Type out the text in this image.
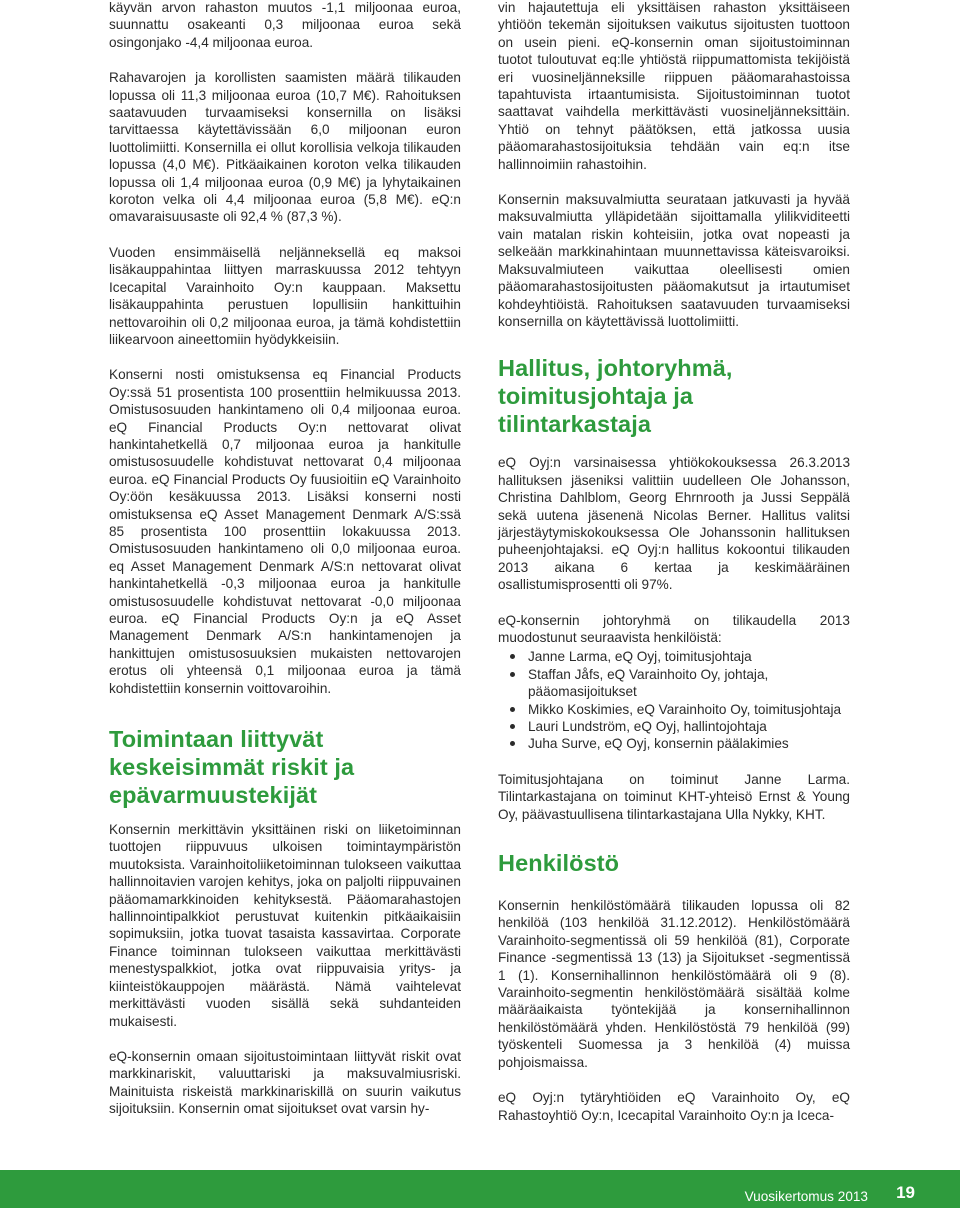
käyvän arvon rahaston muutos -1,1 miljoonaa euroa, suunnattu osakeanti 0,3 miljoonaa euroa sekä osingonjako -4,4 miljoonaa euroa.

Rahavarojen ja korollisten saamisten määrä tilikauden lopussa oli 11,3 miljoonaa euroa (10,7 M€). Rahoituksen saatavuuden turvaamiseksi konsernilla on lisäksi tarvittaessa käytettävissään 6,0 miljoonan euron luottolimiitti. Konsernilla ei ollut korollisia velkoja tilikauden lopussa (4,0 M€). Pitkäaikainen koroton velka tilikauden lopussa oli 1,4 miljoonaa euroa (0,9 M€) ja lyhytaikainen koroton velka oli 4,4 miljoonaa euroa (5,8 M€). eQ:n omavaraisuusaste oli 92,4 % (87,3 %).

Vuoden ensimmäisellä neljänneksellä eq maksoi lisäkauppahintaa liittyen marraskuussa 2012 tehtyyn Icecapital Varainhoito Oy:n kauppaan. Maksettu lisäkauppahinta perustuen lopullisiin hankittuihin nettovaroihin oli 0,2 miljoonaa euroa, ja tämä kohdistettiin liikearvoon aineettomiin hyödykkeisiin.

Konserni nosti omistuksensa eq Financial Products Oy:ssä 51 prosentista 100 prosenttiin helmikuussa 2013. Omistusosuuden hankintameno oli 0,4 miljoonaa euroa. eQ Financial Products Oy:n nettovarat olivat hankintahetkellä 0,7 miljoonaa euroa ja hankitulle omistusosuudelle kohdistuvat nettovarat 0,4 miljoonaa euroa. eQ Financial Products Oy fuusioitiin eQ Varainhoito Oy:öön kesäkuussa 2013. Lisäksi konserni nosti omistuksensa eQ Asset Management Denmark A/S:ssä 85 prosentista 100 prosenttiin lokakuussa 2013. Omistusosuuden hankintameno oli 0,0 miljoonaa euroa. eq Asset Management Denmark A/S:n nettovarat olivat hankintahetkellä -0,3 miljoonaa euroa ja hankitulle omistusosuudelle kohdistuvat nettovarat -0,0 miljoonaa euroa. eQ Financial Products Oy:n ja eQ Asset Management Denmark A/S:n hankintamenojen ja hankittujen omistusosuuksien mukaisten nettovarojen erotus oli yhteensä 0,1 miljoonaa euroa ja tämä kohdistettiin konsernin voittovaroihin.

Toimintaan liittyvät keskeisimmät riskit ja epävarmuustekijät

Konsernin merkittävin yksittäinen riski on liiketoiminnan tuottojen riippuvuus ulkoisen toimintaympäristön muutoksista. Varainhoitoliiketoiminnan tulokseen vaikuttaa hallinnoitavien varojen kehitys, joka on paljolti riippuvainen pääomamarkkinoiden kehityksestä. Pääomarahastojen hallinnointipalkkiot perustuvat kuitenkin pitkäaikaisiin sopimuksiin, jotka tuovat tasaista kassavirtaa. Corporate Finance toiminnan tulokseen vaikuttaa merkittävästi menestyspalkkiot, jotka ovat riippuvaisia yritys- ja kiinteistökauppojen määrästä. Nämä vaihtelevat merkittävästi vuoden sisällä sekä suhdanteiden mukaisesti.

eQ-konsernin omaan sijoitustoimintaan liittyvät riskit ovat markkinariskit, valuuttariski ja maksuvalmiusriski. Mainituista riskeistä markkinariskillä on suurin vaikutus sijoituksiin. Konsernin omat sijoitukset ovat varsin hy-

vin hajautettuja eli yksittäisen rahaston yksittäiseen yhtiöön tekemän sijoituksen vaikutus sijoitusten tuottoon on usein pieni. eQ-konsernin oman sijoitustoiminnan tuotot tuloutuvat eq:lle yhtiöstä riippumattomista tekijöistä eri vuosineljänneksille riippuen pääomarahastoissa tapahtuvista irtaantumisista. Sijoitustoiminnan tuotot saattavat vaihdella merkittävästi vuosineljänneksittäin. Yhtiö on tehnyt päätöksen, että jatkossa uusia pääomarahastosijoituksia tehdään vain eq:n itse hallinnoimiin rahastoihin.

Konsernin maksuvalmiutta seurataan jatkuvasti ja hyvää maksuvalmiutta ylläpidetään sijoittamalla ylilikviditeetti vain matalan riskin kohteisiin, jotka ovat nopeasti ja selkeään markkinahintaan muunnettavissa käteisvaroiksi. Maksuvalmiuteen vaikuttaa oleellisesti omien pääomarahastosijoitusten pääomakutsut ja irtautumiset kohdeyhtiöistä. Rahoituksen saatavuuden turvaamiseksi konsernilla on käytettävissä luottolimiitti.

Hallitus, johtoryhmä, toimitusjohtaja ja tilintarkastaja

eQ Oyj:n varsinaisessa yhtiökokouksessa 26.3.2013 hallituksen jäseniksi valittiin uudelleen Ole Johansson, Christina Dahlblom, Georg Ehrnrooth ja Jussi Seppälä sekä uutena jäsenenä Nicolas Berner. Hallitus valitsi järjestäytymiskokouksessa Ole Johanssonin hallituksen puheenjohtajaksi. eQ Oyj:n hallitus kokoontui tilikauden 2013 aikana 6 kertaa ja keskimääräinen osallistumisprosentti oli 97%.

eQ-konsernin johtoryhmä on tilikaudella 2013 muodostunut seuraavista henkilöistä:

Janne Larma, eQ Oyj, toimitusjohtaja
Staffan Jåfs, eQ Varainhoito Oy, johtaja, pääomasijoitukset
Mikko Koskimies, eQ Varainhoito Oy, toimitusjohtaja
Lauri Lundström, eQ Oyj, hallintojohtaja
Juha Surve, eQ Oyj, konsernin päälakimies

Toimitusjohtajana on toiminut Janne Larma. Tilintarkastajana on toiminut KHT-yhteisö Ernst & Young Oy, päävastuullisena tilintarkastajana Ulla Nykky, KHT.

Henkilöstö

Konsernin henkilöstömäärä tilikauden lopussa oli 82 henkilöä (103 henkilöä 31.12.2012). Henkilöstömäärä Varainhoito-segmentissä oli 59 henkilöä (81), Corporate Finance -segmentissä 13 (13) ja Sijoitukset -segmentissä 1 (1). Konsernihallinnon henkilöstömäärä oli 9 (8). Varainhoito-segmentin henkilöstömäärä sisältää kolme määräaikaista työntekijää ja konsernihallinnon henkilöstömäärä yhden. Henkilöstöstä 79 henkilöä (99) työskenteli Suomessa ja 3 henkilöä (4) muissa pohjoismaissa.

eQ Oyj:n tytäryhtiöiden eQ Varainhoito Oy, eQ Rahastoyhtiö Oy:n, Icecapital Varainhoito Oy:n ja Iceca-

Vuosikertomus 2013 19
